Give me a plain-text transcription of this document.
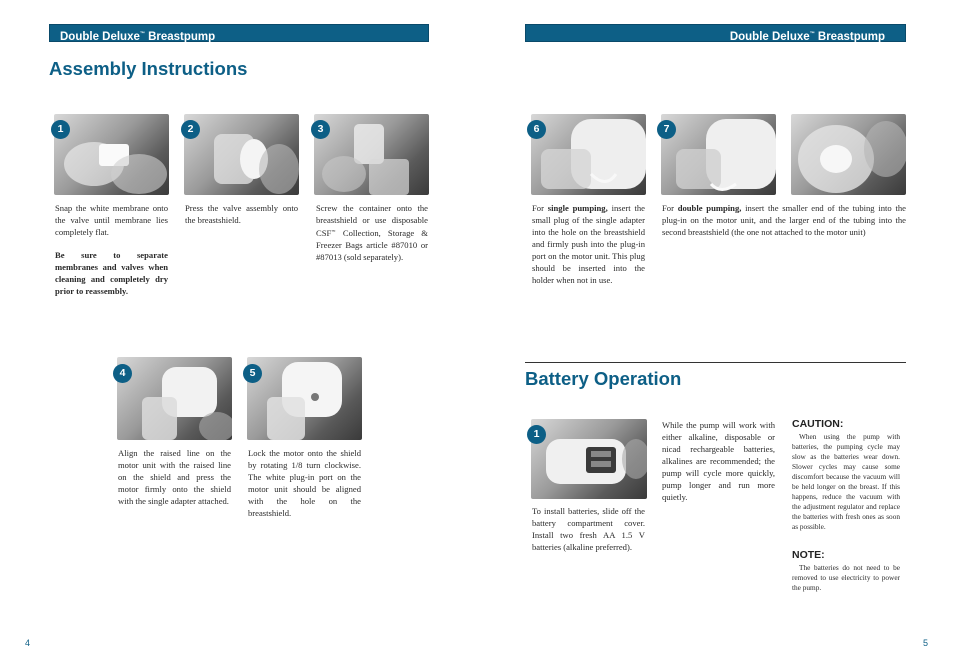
Double Deluxe™ Breastpump	Double Deluxe™ Breastpump
Assembly Instructions
Battery Operation
1
Snap the white membrane onto the valve until membrane lies completely flat.
Be sure to separate membranes and valves when cleaning and completely dry prior to reassembly.
2
Press the valve assembly onto the breastshield.
3
Screw the container onto the breastshield or use disposable CSF™ Collection, Storage & Freezer Bags article #87010 or #87013 (sold separately).
4
Align the raised line on the motor unit with the raised line on the shield and press the motor firmly onto the shield with the single adapter attached.
5
Lock the motor onto the shield by rotating 1/8 turn clockwise. The white plug-in port on the motor unit should be aligned with the hole on the breastshield.
6
For single pumping, insert the small plug of the single adapter into the hole on the breastshield and firmly push into the plug-in port on the motor unit. This plug should be inserted into the holder when not in use.
7
For double pumping, insert the smaller end of the tubing into the plug-in on the motor unit, and the larger end of the tubing into the second breastshield (the one not attached to the motor unit)
1
To install batteries, slide off the battery compartment cover. Install two fresh AA 1.5 V batteries (alkaline preferred).
While the pump will work with either alkaline, disposable or nicad rechargeable batteries, alkalines are recommended; the pump will cycle more quickly, pump longer and run more quietly.
CAUTION:
When using the pump with batteries, the pumping cycle may slow as the batteries wear down. Slower cycles may cause some discomfort because the vacuum will be held longer on the breast. If this happens, reduce the vacuum with the adjustment regulator and replace the batteries with fresh ones as soon as possible.
NOTE:
The batteries do not need to be removed to use electricity to power the pump.
4	5
